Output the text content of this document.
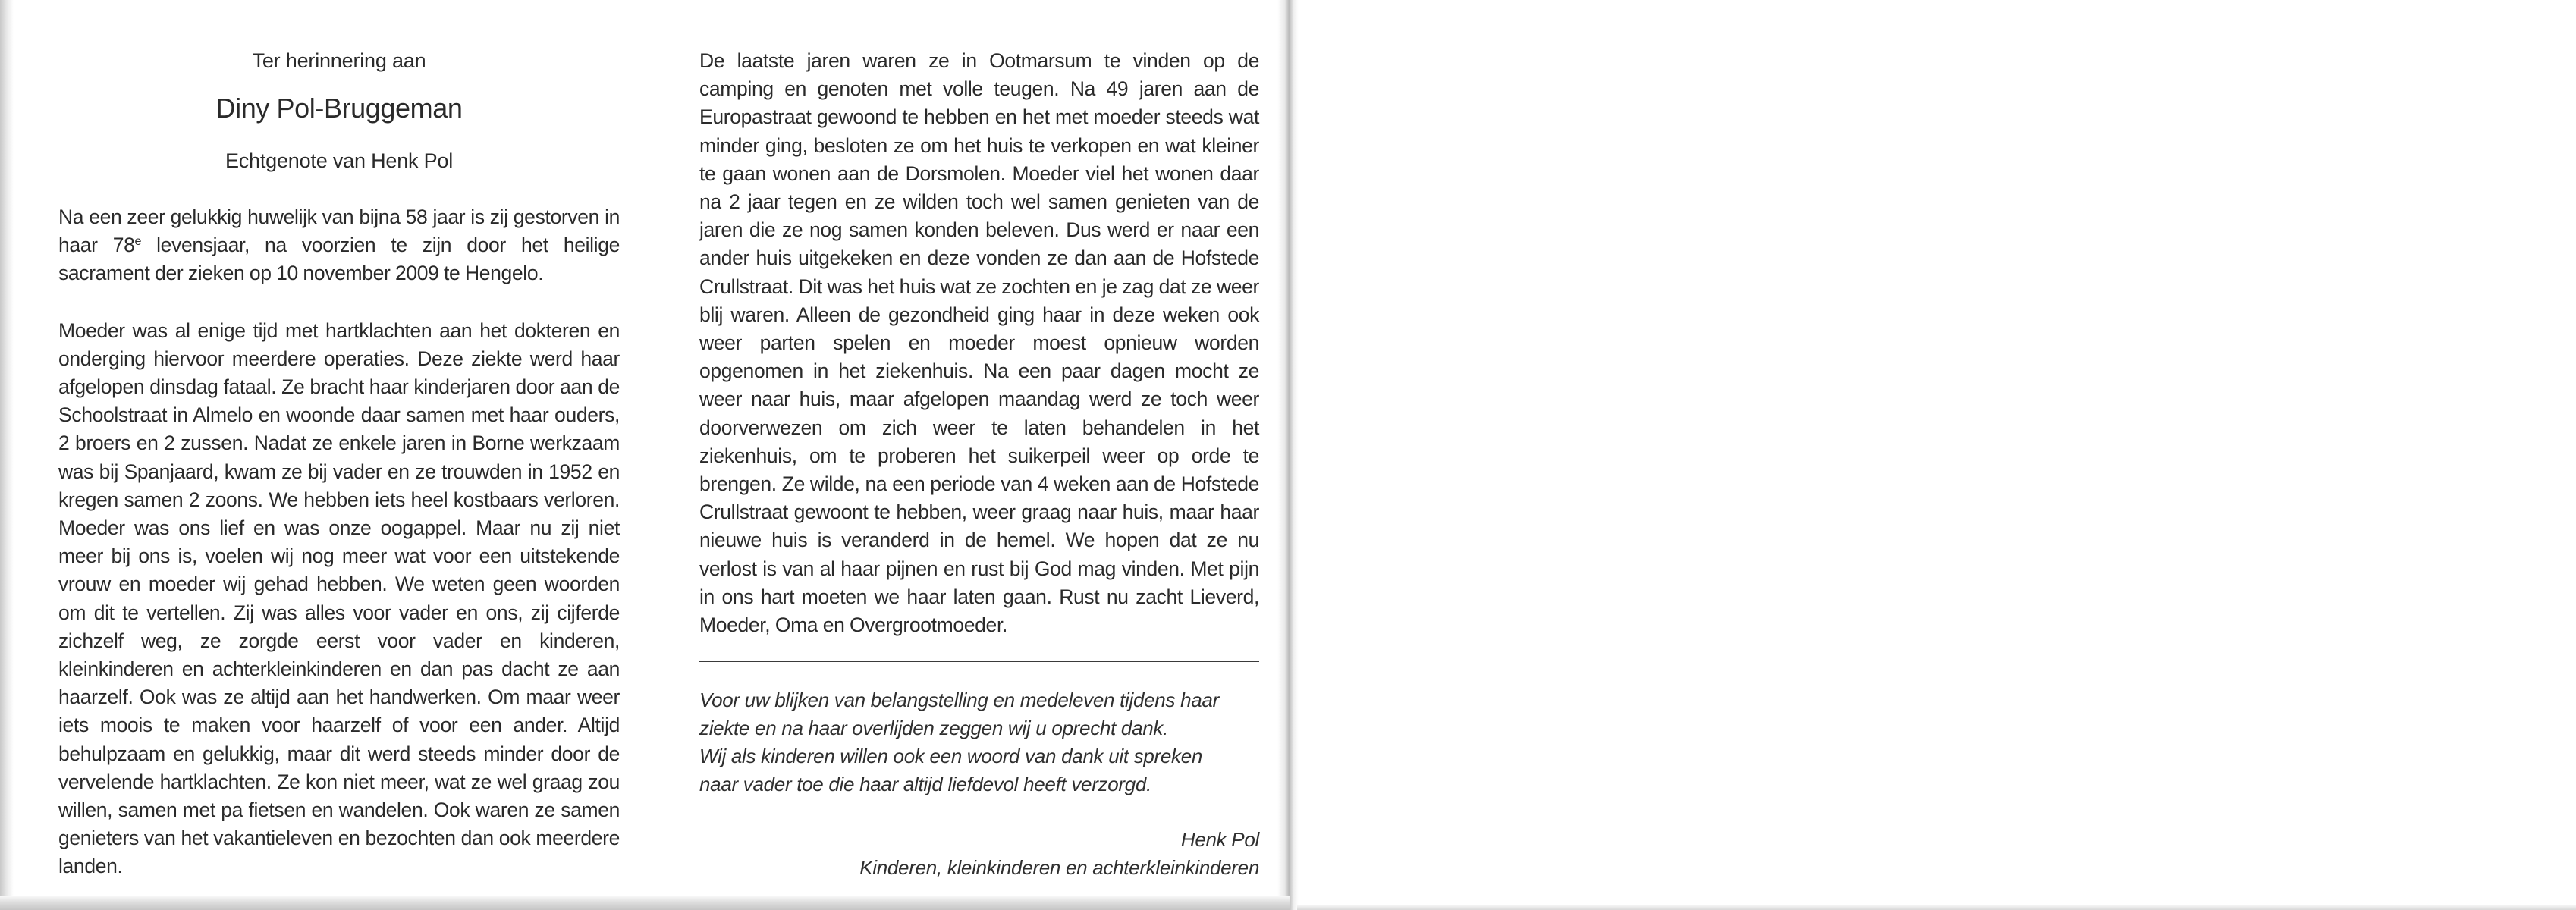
Ter herinnering aan
Diny Pol-Bruggeman
Echtgenote van Henk Pol

Na een zeer gelukkig huwelijk van bijna 58 jaar is zij gestorven in haar 78e levensjaar, na voorzien te zijn door het heilige sacrament der zieken op 10 november 2009 te Hengelo.

Moeder was al enige tijd met hartklachten aan het dokteren en onderging hiervoor meerdere operaties. Deze ziekte werd haar afgelopen dinsdag fataal. Ze bracht haar kinderjaren door aan de Schoolstraat in Almelo en woonde daar samen met haar ouders, 2 broers en 2 zussen. Nadat ze enkele jaren in Borne werkzaam was bij Spanjaard, kwam ze bij vader en ze trouwden in 1952 en kregen samen 2 zoons. We hebben iets heel kostbaars verloren. Moeder was ons lief en was onze oogappel. Maar nu zij niet meer bij ons is, voelen wij nog meer wat voor een uitstekende vrouw en moeder wij gehad hebben. We weten geen woorden om dit te vertellen. Zij was alles voor vader en ons, zij cijferde zichzelf weg, ze zorgde eerst voor vader en kinderen, kleinkinderen en achterkleinkinderen en dan pas dacht ze aan haarzelf. Ook was ze altijd aan het handwerken. Om maar weer iets moois te maken voor haarzelf of voor een ander. Altijd behulpzaam en gelukkig, maar dit werd steeds minder door de vervelende hartklachten. Ze kon niet meer, wat ze wel graag zou willen, samen met pa fietsen en wandelen. Ook waren ze samen genieters van het vakantieleven en bezochten dan ook meerdere landen.

De laatste jaren waren ze in Ootmarsum te vinden op de camping en genoten met volle teugen. Na 49 jaren aan de Europastraat gewoond te hebben en het met moeder steeds wat minder ging, besloten ze om het huis te verkopen en wat kleiner te gaan wonen aan de Dorsmolen. Moeder viel het wonen daar na 2 jaar tegen en ze wilden toch wel samen genieten van de jaren die ze nog samen konden beleven. Dus werd er naar een ander huis uitgekeken en deze vonden ze dan aan de Hofstede Crullstraat. Dit was het huis wat ze zochten en je zag dat ze weer blij waren. Alleen de gezondheid ging haar in deze weken ook weer parten spelen en moeder moest opnieuw worden opgenomen in het ziekenhuis. Na een paar dagen mocht ze weer naar huis, maar afgelopen maandag werd ze toch weer doorverwezen om zich weer te laten behandelen in het ziekenhuis, om te proberen het suikerpeil weer op orde te brengen. Ze wilde, na een periode van 4 weken aan de Hofstede Crullstraat gewoont te hebben, weer graag naar huis, maar haar nieuwe huis is veranderd in de hemel. We hopen dat ze nu verlost is van al haar pijnen en rust bij God mag vinden. Met pijn in ons hart moeten we haar laten gaan. Rust nu zacht Lieverd, Moeder, Oma en Overgrootmoeder.

Voor uw blijken van belangstelling en medeleven tijdens haar
ziekte en na haar overlijden zeggen wij u oprecht dank.
Wij als kinderen willen ook een woord van dank uit spreken
naar vader toe die haar altijd liefdevol heeft verzorgd.

Henk Pol
Kinderen, kleinkinderen en achterkleinkinderen
